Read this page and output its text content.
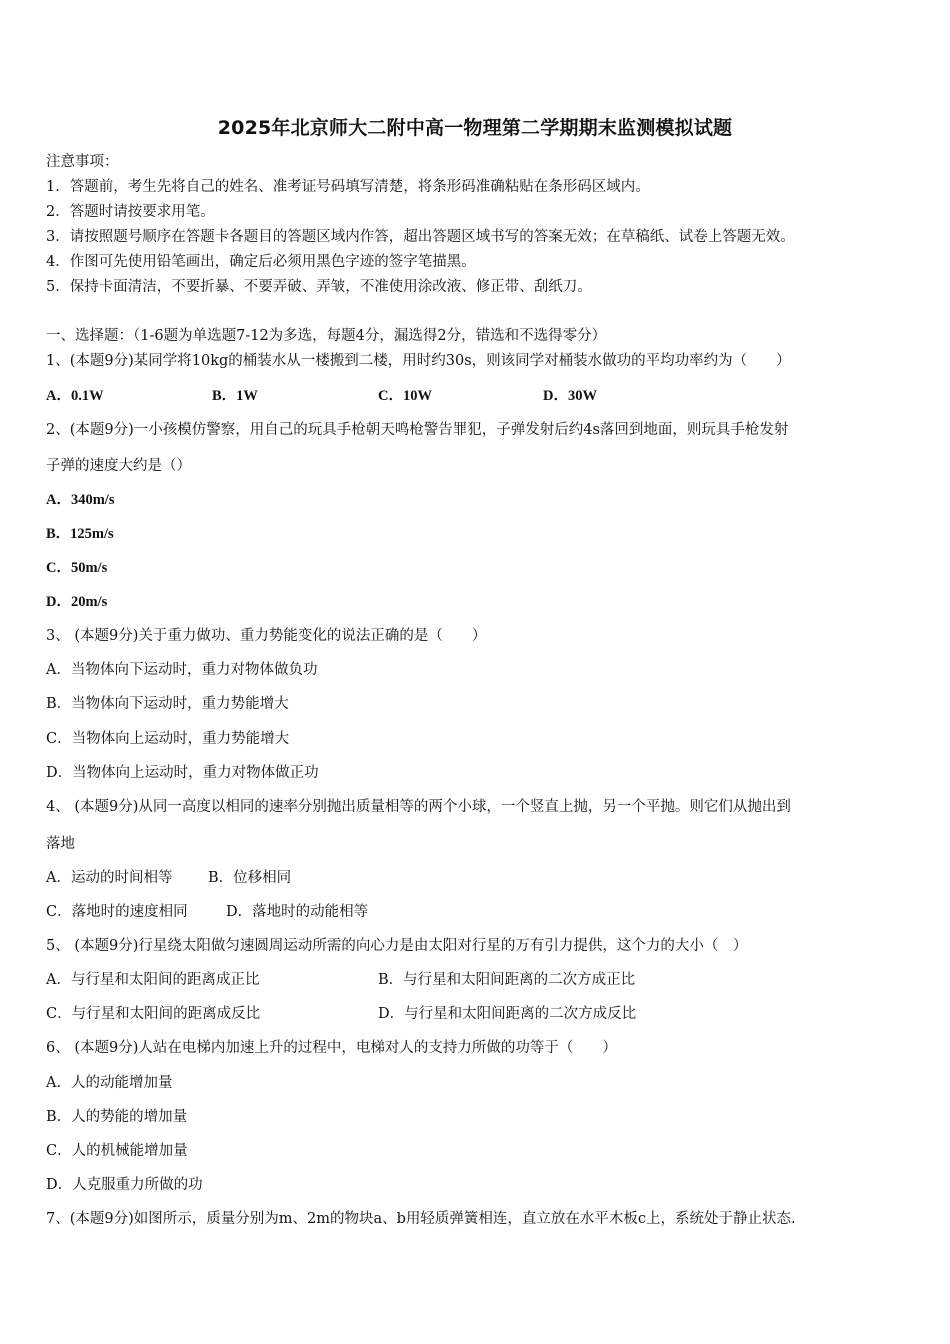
2025年北京师大二附中高一物理第二学期期末监测模拟试题
注意事项：
1．答题前，考生先将自己的姓名、准考证号码填写清楚，将条形码准确粘贴在条形码区域内。
2．答题时请按要求用笔。
3．请按照题号顺序在答题卡各题目的答题区域内作答，超出答题区域书写的答案无效；在草稿纸、试卷上答题无效。
4．作图可先使用铅笔画出，确定后必须用黑色字迹的签字笔描黑。
5．保持卡面清洁，不要折暴、不要弄破、弄皱，不准使用涂改液、修正带、刮纸刀。
一、选择题：（1-6题为单选题7-12为多选，每题4分，漏选得2分，错选和不选得零分）
1、(本题9分)某同学将10kg的桶装水从一楼搬到二楼，用时约30s，则该同学对桶装水做功的平均功率约为（　　）
A．0.1W	B．1W	C．10W	D．30W
2、(本题9分)一小孩模仿警察，用自己的玩具手枪朝天鸣枪警告罪犯，子弹发射后约4s落回到地面，则玩具手枪发射
子弹的速度大约是（）
A．340m/s
B．125m/s
C．50m/s
D．20m/s
3、 (本题9分)关于重力做功、重力势能变化的说法正确的是（　　）
A．当物体向下运动时，重力对物体做负功
B．当物体向下运动时，重力势能增大
C．当物体向上运动时，重力势能增大
D．当物体向上运动时，重力对物体做正功
4、 (本题9分)从同一高度以相同的速率分别抛出质量相等的两个小球，一个竖直上抛，另一个平抛。则它们从抛出到
落地
A．运动的时间相等 B．位移相同
C．落地时的速度相同	D．落地时的动能相等
5、 (本题9分)行星绕太阳做匀速圆周运动所需的向心力是由太阳对行星的万有引力提供，这个力的大小（　）
A．与行星和太阳间的距离成正比	B．与行星和太阳间距离的二次方成正比
C．与行星和太阳间的距离成反比	D．与行星和太阳间距离的二次方成反比
6、 (本题9分)人站在电梯内加速上升的过程中，电梯对人的支持力所做的功等于（　　）
A．人的动能增加量
B．人的势能的增加量
C．人的机械能增加量
D．人克服重力所做的功
7、(本题9分)如图所示，质量分别为m、2m的物块a、b用轻质弹簧相连，直立放在水平木板c上，系统处于静止状态.
